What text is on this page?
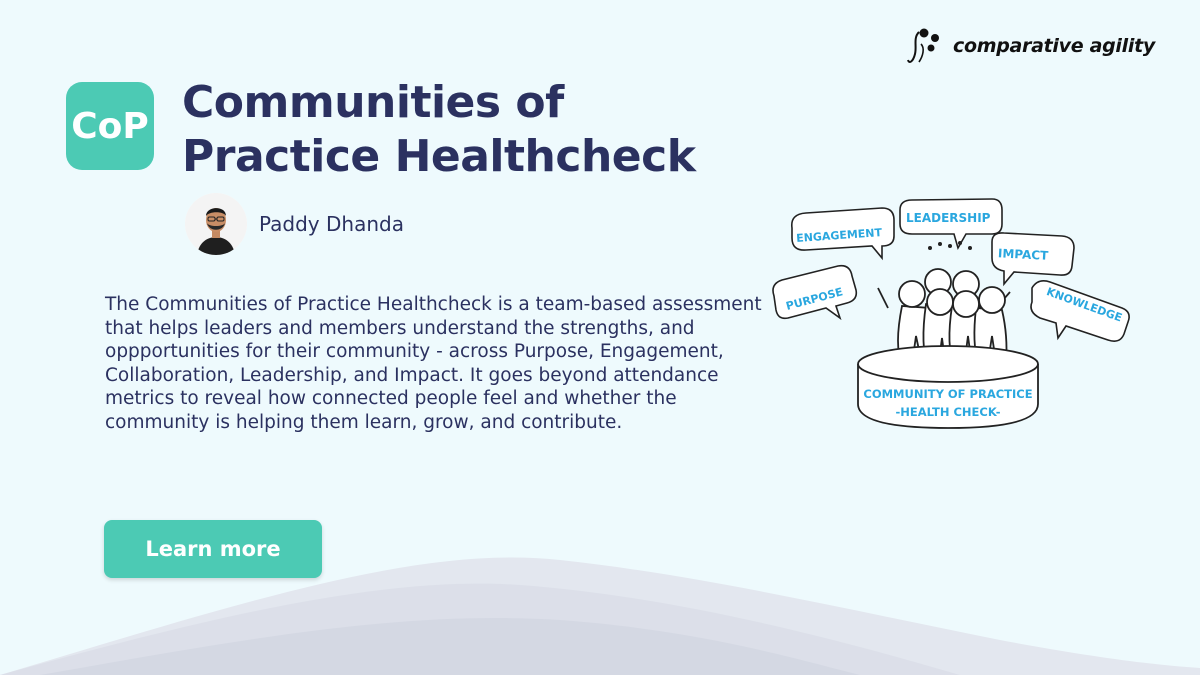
comparative agility
CoP Communities of
Practice Healthcheck
Paddy Dhanda

The Communities of Practice Healthcheck is a team-based assessment that helps leaders and members understand the strengths, and oppportunities for their community - across Purpose, Engagement, Collaboration, Leadership, and Impact. It goes beyond attendance metrics to reveal how connected people feel and whether the community is helping them learn, grow, and contribute.

Learn more
ENGAGEMENT
LEADERSHIP
IMPACT
PURPOSE	KNOWLEDGE
COMMUNITY OF PRACTICE
-HEALTH CHECK-
